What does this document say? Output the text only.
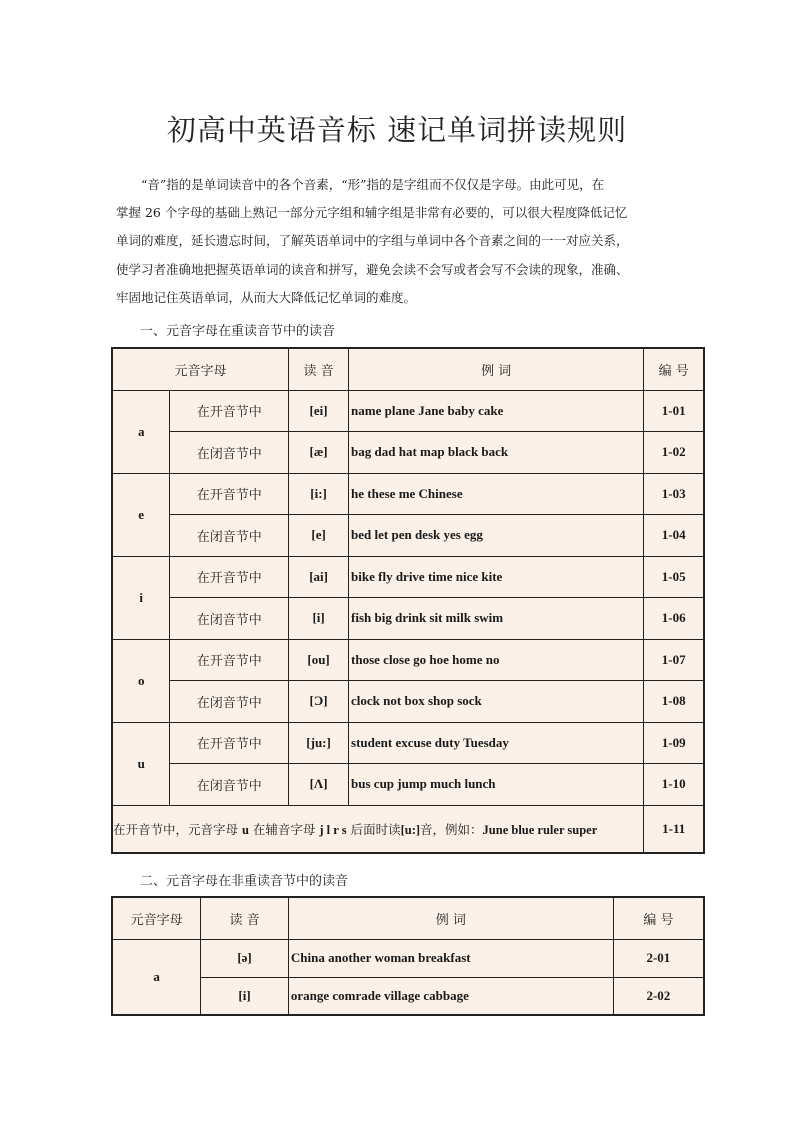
初高中英语音标 速记单词拼读规则

“音”指的是单词读音中的各个音素，“形”指的是字组而不仅仅是字母。由此可见，在
掌握 26 个字母的基础上熟记一部分元字组和辅字组是非常有必要的，可以很大程度降低记忆
单词的难度，延长遗忘时间，了解英语单词中的字组与单词中各个音素之间的一一对应关系，
使学习者准确地把握英语单词的读音和拼写，避免会读不会写或者会写不会读的现象，准确、
牢固地记住英语单词，从而大大降低记忆单词的难度。

一、元音字母在重读音节中的读音

元音字母		读 音	例 词	编 号
a	在开音节中	[ei]	name plane Jane baby cake	1-01
	在闭音节中	[æ]	bag dad hat map black back	1-02
e	在开音节中	[i:]	he these me Chinese	1-03
	在闭音节中	[e]	bed let pen desk yes egg	1-04
i	在开音节中	[ai]	bike fly drive time nice kite	1-05
	在闭音节中	[i]	fish big drink sit milk swim	1-06
o	在开音节中	[ou]	those close go hoe home no	1-07
	在闭音节中	[Ɔ]	clock not box shop sock	1-08
u	在开音节中	[ju:]	student excuse duty Tuesday	1-09
	在闭音节中	[Λ]	bus cup jump much lunch	1-10
在开音节中，元音字母 u 在辅音字母 j l r s 后面时读[u:]音，例如：June blue ruler super				1-11

二、元音字母在非重读音节中的读音

元音字母	读 音	例 词	编 号
a	[ə]	China another woman breakfast	2-01
	[i]	orange comrade village cabbage	2-02
